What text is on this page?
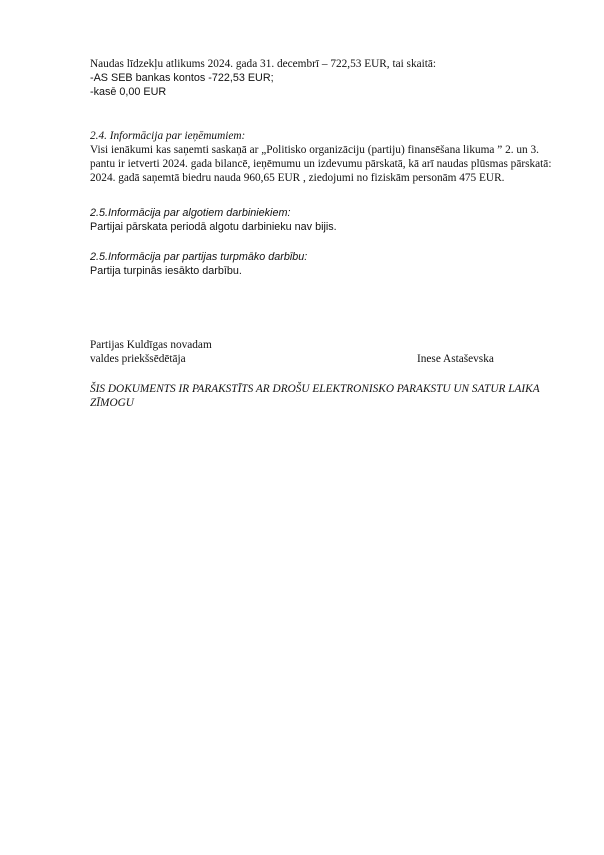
Naudas līdzekļu atlikums 2024. gada 31. decembrī – 722,53 EUR, tai skaitā:
-AS SEB bankas kontos -722,53 EUR;
-kasē 0,00 EUR
2.4. Informācija par ieņēmumiem:
Visi ienākumi kas saņemti saskaņā ar „Politisko organizāciju (partiju) finansēšana likuma ” 2. un 3.
pantu ir ietverti 2024. gada bilancē, ieņēmumu un izdevumu pārskatā, kā arī naudas plūsmas pārskatā:
2024. gadā saņemtā biedru nauda 960,65 EUR , ziedojumi no fiziskām personām 475 EUR.
2.5.Informācija par algotiem darbiniekiem:
Partijai pārskata periodā algotu darbinieku nav bijis.
2.5.Informācija par partijas turpmāko darbību:
Partija turpinās iesākto darbību.
Partijas Kuldīgas novadam
valdes priekšsēdētāja	Inese Astaševska
ŠIS DOKUMENTS IR PARAKSTĪTS AR DROŠU ELEKTRONISKO PARAKSTU UN SATUR LAIKA ZĪMOGU
